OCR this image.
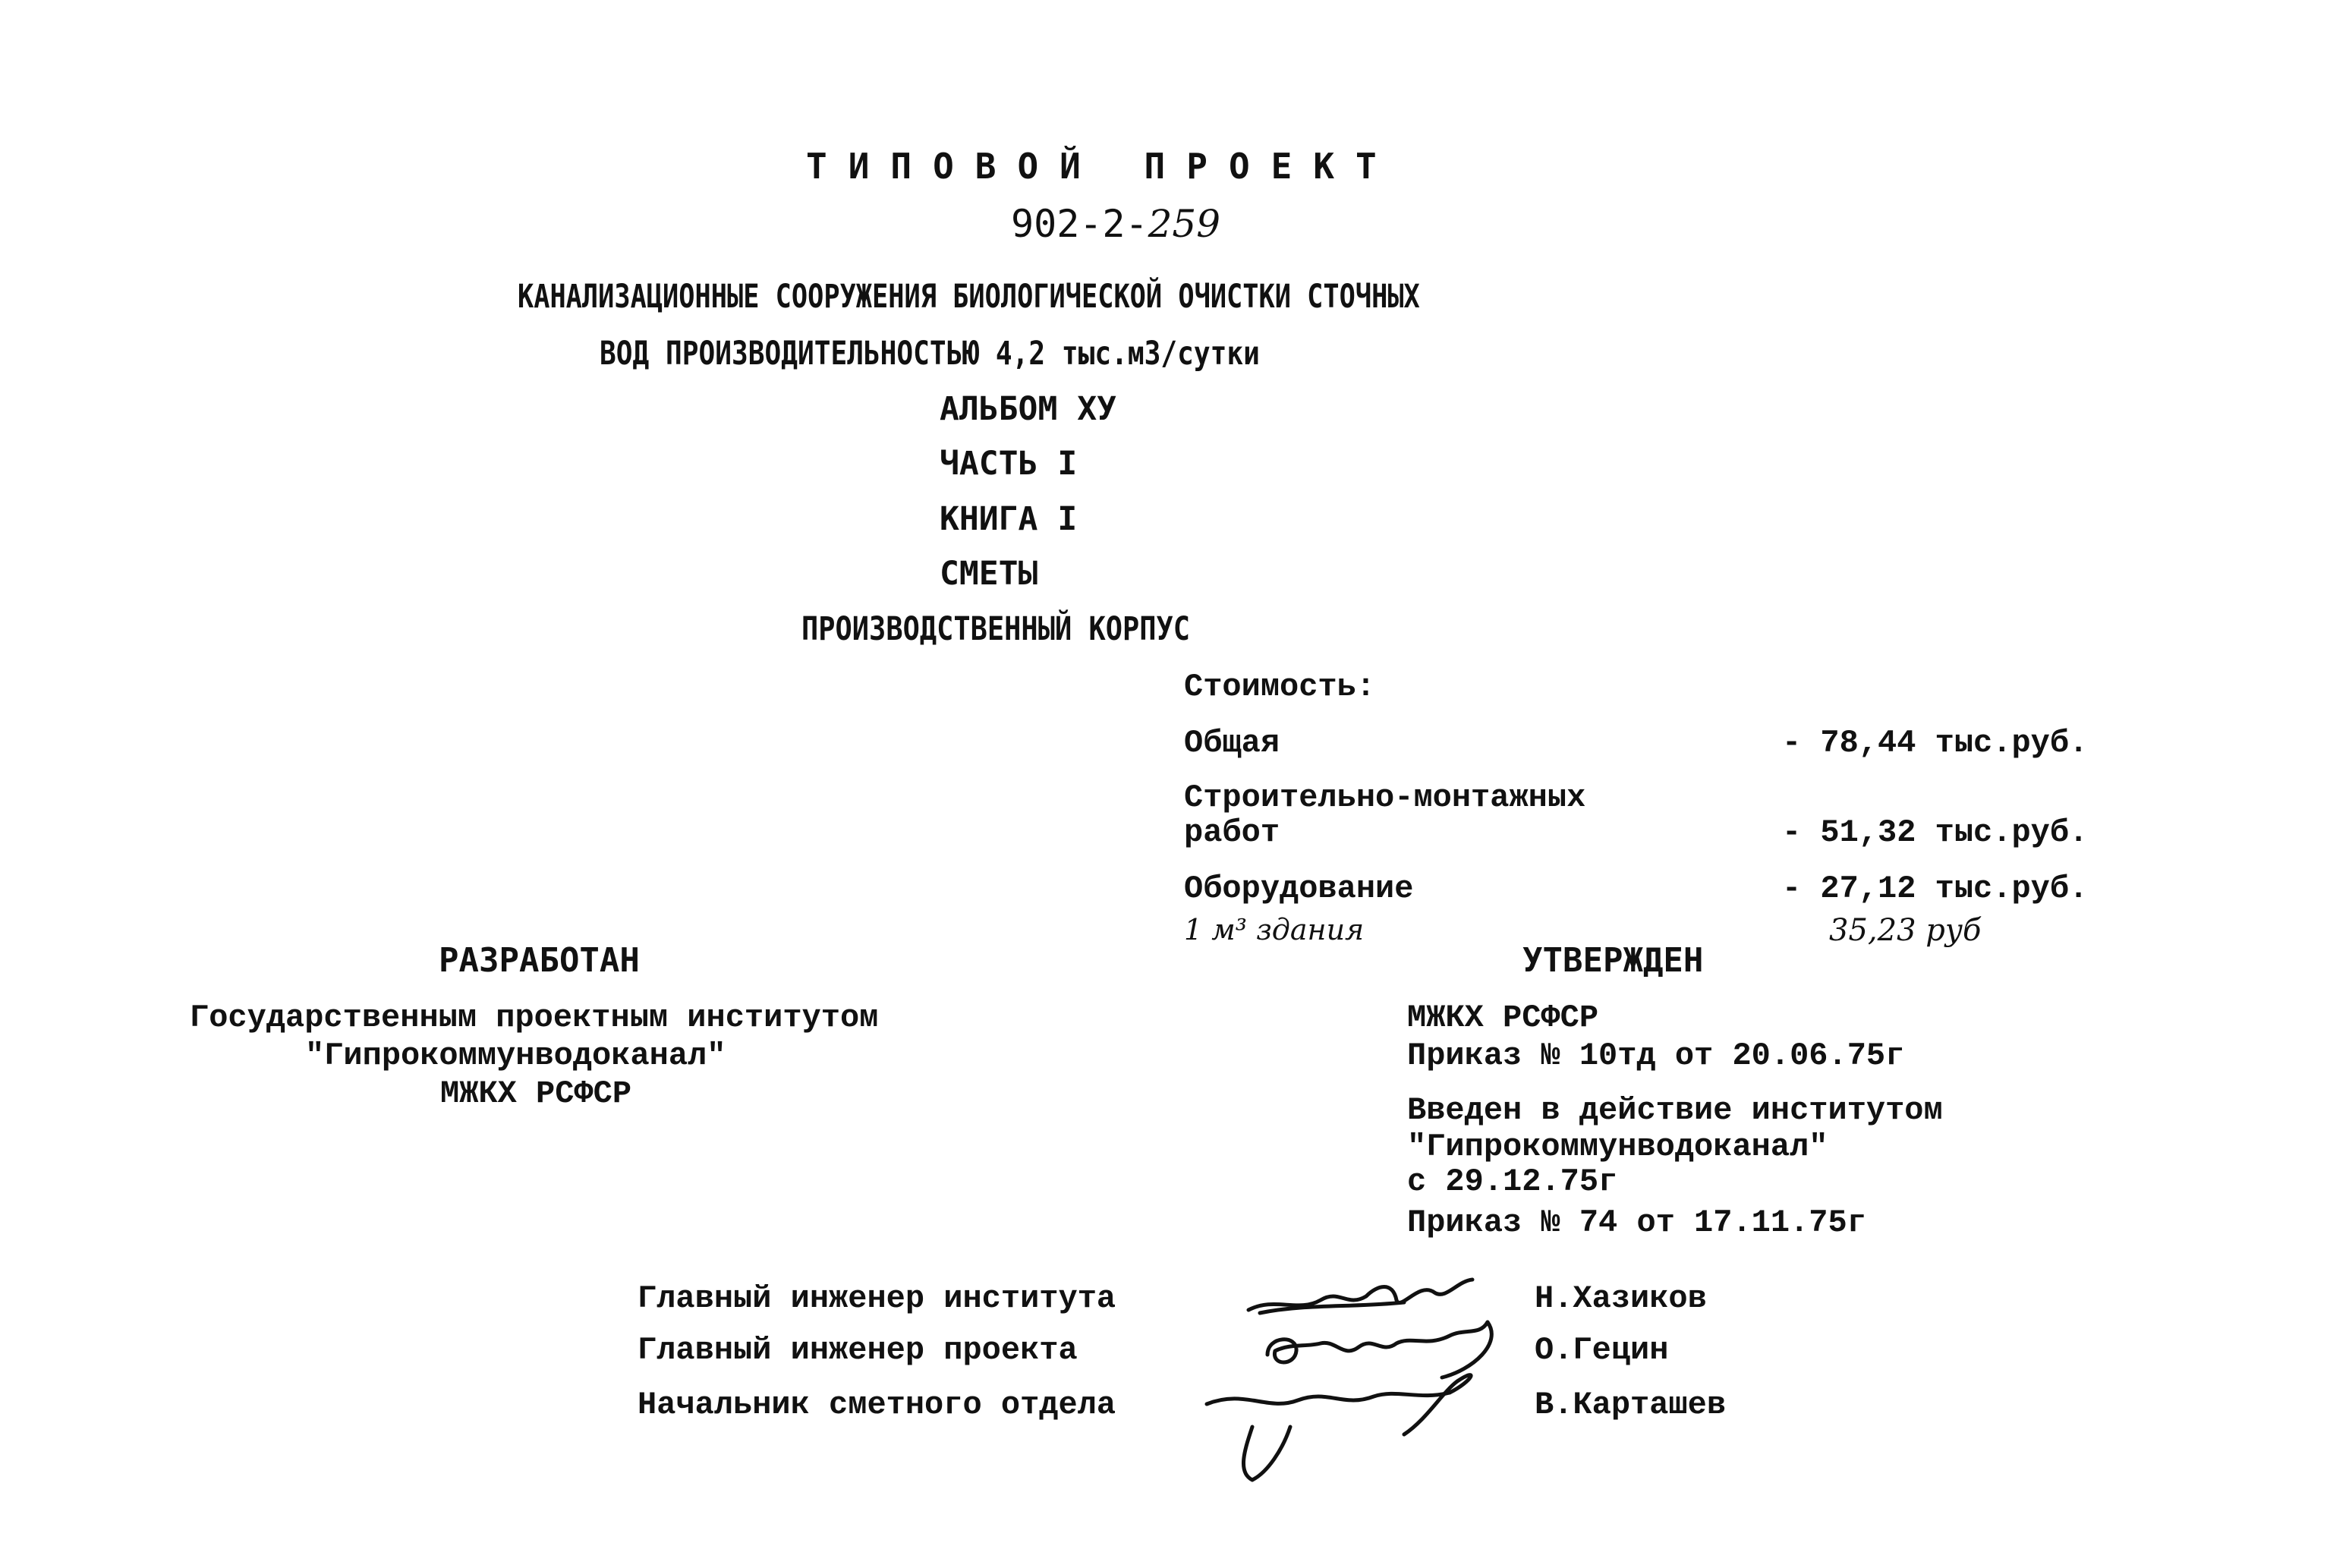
ТИПОВОЙ ПРОЕКТ
902-2-259
КАНАЛИЗАЦИОННЫЕ СООРУЖЕНИЯ БИОЛОГИЧЕСКОЙ ОЧИСТКИ СТОЧНЫХ
ВОД ПРОИЗВОДИТЕЛЬНОСТЬЮ 4,2 тыс.м3/сутки
АЛЬБОМ XУ
ЧАСТЬ I
КНИГА I
СМЕТЫ
ПРОИЗВОДСТВЕННЫЙ КОРПУС
Стоимость:
Общая	- 78,44 тыс.руб.
Строительно-монтажных
работ	- 51,32 тыс.руб.
Оборудование	- 27,12 тыс.руб.
1 м³ здания	35,23 руб
РАЗРАБОТАН
Государственным проектным институтом
"Гипрокоммунводоканал"
МЖКХ РСФСР
УТВЕРЖДЕН
МЖКХ РСФСР
Приказ № 10тд от 20.06.75г
Введен в действие институтом
"Гипрокоммунводоканал"
с 29.12.75г
Приказ № 74 от 17.11.75г
Главный инженер института	Н.Хазиков
Главный инженер проекта	О.Гецин
Начальник сметного отдела	В.Карташев
